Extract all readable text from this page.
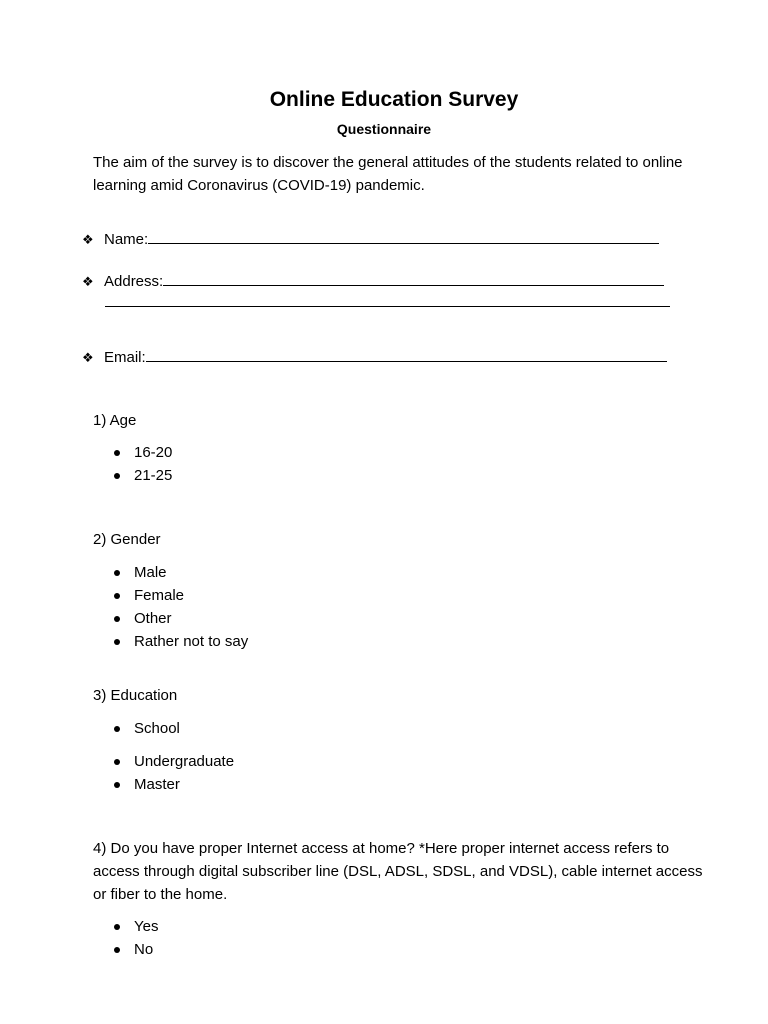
Online Education Survey
Questionnaire
The aim of the survey is to discover the general attitudes of the students related to online learning amid Coronavirus (COVID-19) pandemic.
❖ Name:
❖ Address:
❖ Email:
1) Age
16-20
21-25
2) Gender
Male
Female
Other
Rather not to say
3) Education
School
Undergraduate
Master
4) Do you have proper Internet access at home? *Here proper internet access refers to access through digital subscriber line (DSL, ADSL, SDSL, and VDSL), cable internet access or fiber to the home.
Yes
No
